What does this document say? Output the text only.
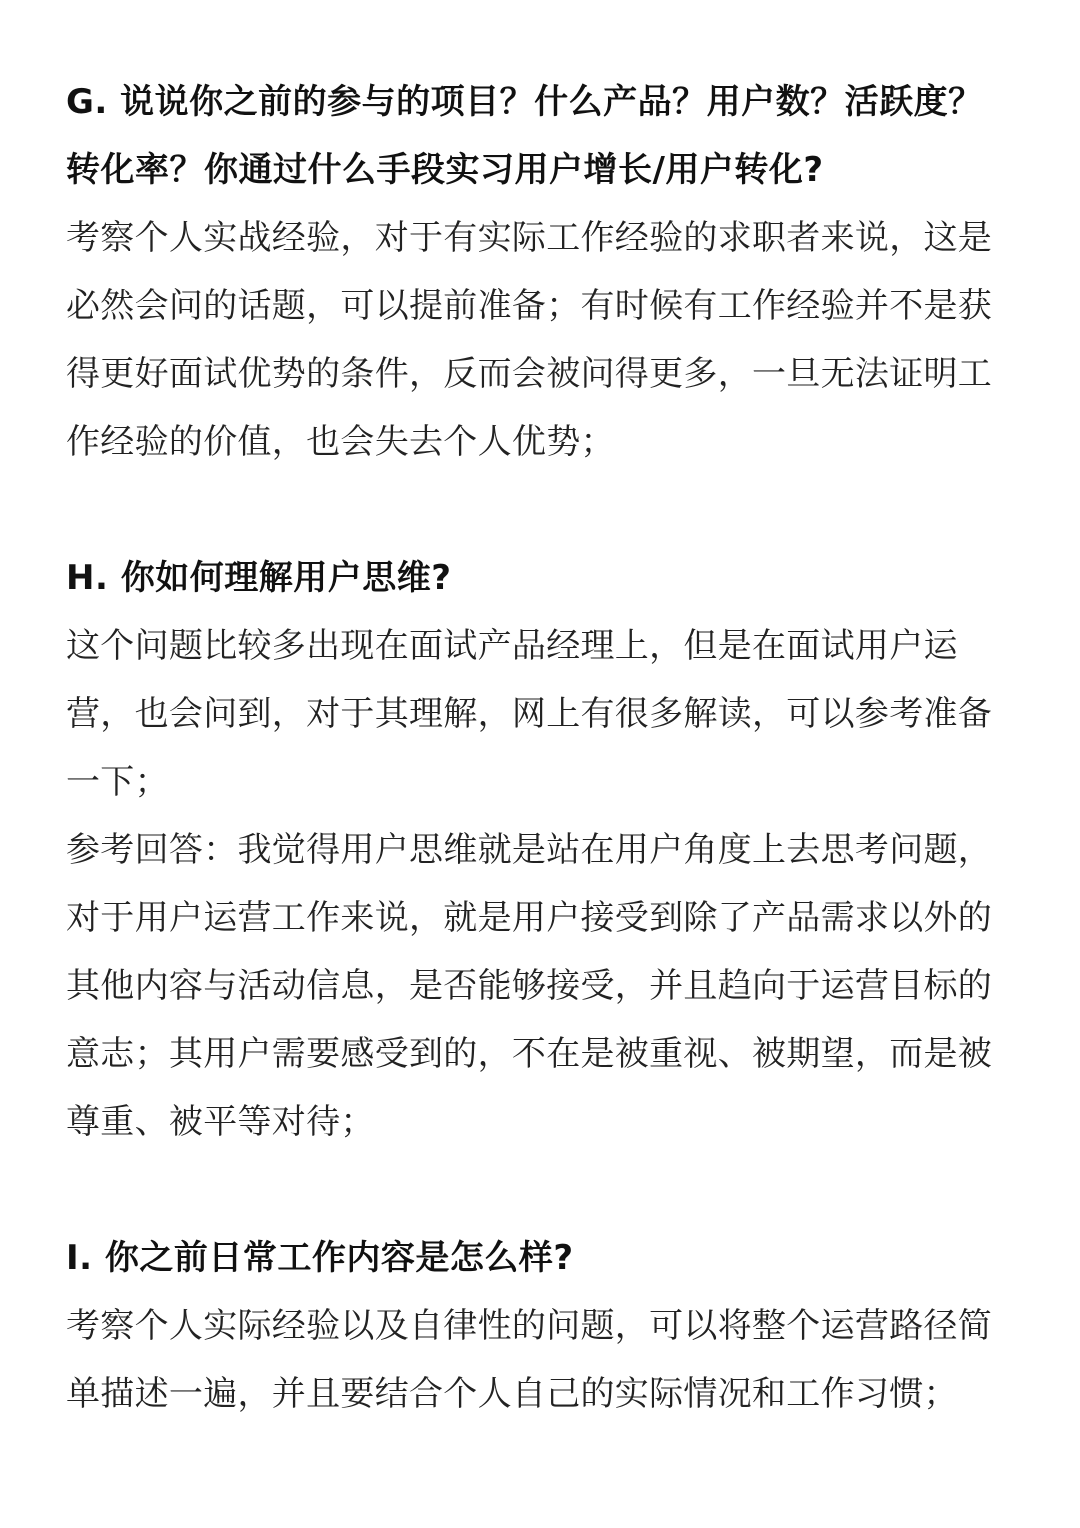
G. 说说你之前的参与的项目？什么产品？用户数？活跃度？转化率？你通过什么手段实习用户增长/用户转化?

考察个人实战经验，对于有实际工作经验的求职者来说，这是必然会问的话题，可以提前准备；有时候有工作经验并不是获得更好面试优势的条件，反而会被问得更多，一旦无法证明工作经验的价值，也会失去个人优势；

H. 你如何理解用户思维?

这个问题比较多出现在面试产品经理上，但是在面试用户运营，也会问到，对于其理解，网上有很多解读，可以参考准备一下；

参考回答：我觉得用户思维就是站在用户角度上去思考问题，对于用户运营工作来说，就是用户接受到除了产品需求以外的其他内容与活动信息，是否能够接受，并且趋向于运营目标的意志；其用户需要感受到的，不在是被重视、被期望，而是被尊重、被平等对待；

I. 你之前日常工作内容是怎么样?

考察个人实际经验以及自律性的问题，可以将整个运营路径简单描述一遍，并且要结合个人自己的实际情况和工作习惯；
